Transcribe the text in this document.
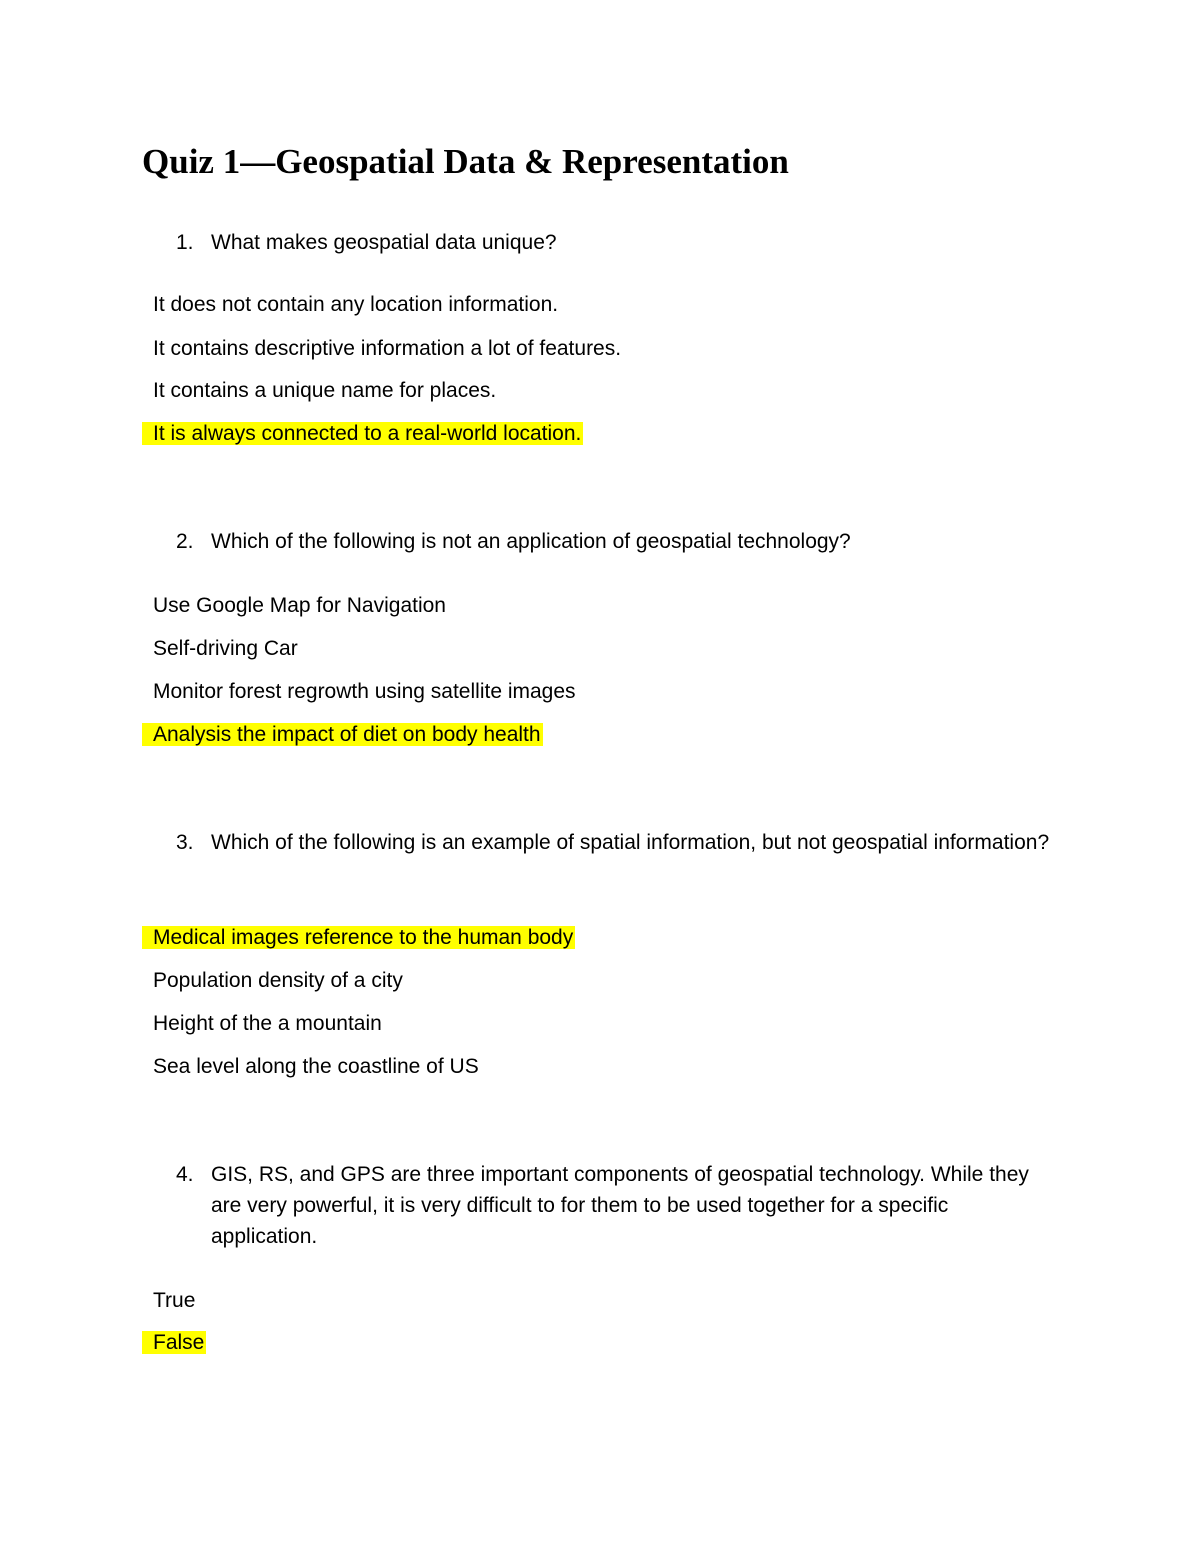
Quiz 1—Geospatial Data & Representation
1. What makes geospatial data unique?
It does not contain any location information.
It contains descriptive information a lot of features.
It contains a unique name for places.
It is always connected to a real-world location.
2. Which of the following is not an application of geospatial technology?
Use Google Map for Navigation
Self-driving Car
Monitor forest regrowth using satellite images
Analysis the impact of diet on body health
3. Which of the following is an example of spatial information, but not geospatial information?
Medical images reference to the human body
Population density of a city
Height of the a mountain
Sea level along the coastline of US
4. GIS, RS, and GPS are three important components of geospatial technology. While they are very powerful, it is very difficult to for them to be used together for a specific application.
True
False
